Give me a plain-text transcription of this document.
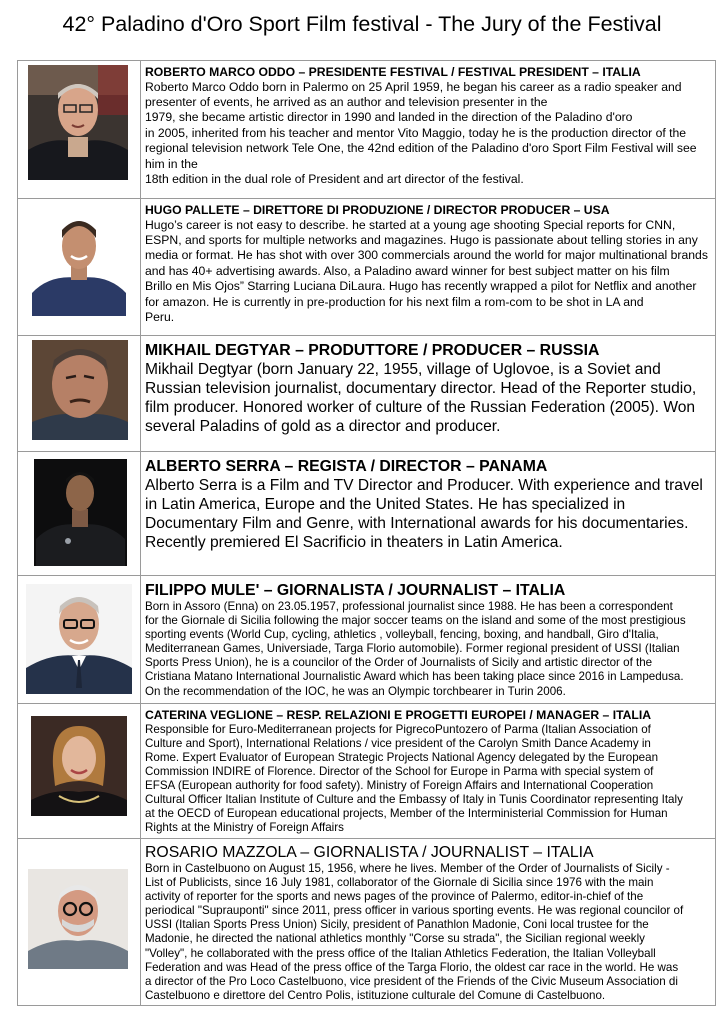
42° Paladino d'Oro Sport Film festival - The Jury of the Festival
ROBERTO MARCO ODDO – PRESIDENTE FESTIVAL / FESTIVAL PRESIDENT – ITALIA
Roberto Marco Oddo born in Palermo on 25 April 1959, he began his career as a radio speaker and
presenter of events, he arrived as an author and television presenter in the
1979, she became artistic director in 1990 and landed in the direction of the Paladino d'oro
in 2005, inherited from his teacher and mentor Vito Maggio, today he is the production director of the
regional television network Tele One, the 42nd edition of the Paladino d'oro Sport Film Festival will see him in the
18th edition in the dual role of President and art director of the festival.
HUGO PALLETE – DIRETTORE DI PRODUZIONE / DIRECTOR PRODUCER – USA
Hugo’s career is not easy to describe. he started at a young age shooting Special reports for CNN,
ESPN, and sports for multiple networks and magazines. Hugo is passionate about telling stories in any
media or format. He has shot with over 300 commercials around the world for major multinational brands
and has 40+ advertising awards. Also, a Paladino award winner for best subject matter on his film
Brillo en Mis Ojos” Starring Luciana DiLaura. Hugo has recently wrapped a pilot for Netflix and another
for amazon. He is currently in pre-production for his next film a rom-com to be shot in LA and
Peru.
MIKHAIL DEGTYAR – PRODUTTORE / PRODUCER – RUSSIA
Mikhail Degtyar (born January 22, 1955, village of Uglovoe, is a Soviet and
Russian television journalist, documentary director. Head of the Reporter studio,
film producer. Honored worker of culture of the Russian Federation (2005). Won
several Paladins of gold as a director and producer.
ALBERTO SERRA – REGISTA / DIRECTOR – PANAMA
Alberto Serra is a Film and TV Director and Producer. With experience and travel
in Latin America, Europe and the United States. He has specialized in
Documentary Film and Genre, with International awards for his documentaries.
Recently premiered El Sacrificio in theaters in Latin America.
FILIPPO MULE' – GIORNALISTA / JOURNALIST – ITALIA
Born in Assoro (Enna) on 23.05.1957, professional journalist since 1988. He has been a correspondent
for the Giornale di Sicilia following the major soccer teams on the island and some of the most prestigious
sporting events (World Cup, cycling, athletics , volleyball, fencing, boxing, and handball, Giro d'Italia,
Mediterranean Games, Universiade, Targa Florio automobile). Former regional president of USSI (Italian
Sports Press Union), he is a councilor of the Order of Journalists of Sicily and artistic director of the
Cristiana Matano International Journalistic Award which has been taking place since 2016 in Lampedusa.
On the recommendation of the IOC, he was an Olympic torchbearer in Turin 2006.
CATERINA VEGLIONE – RESP. RELAZIONI E PROGETTI EUROPEI / MANAGER – ITALIA
Responsible for Euro-Mediterranean projects for PigrecoPuntozero of Parma (Italian Association of
Culture and Sport), International Relations / vice president of the Carolyn Smith Dance Academy in
Rome. Expert Evaluator of European Strategic Projects National Agency delegated by the European
Commission INDIRE of Florence. Director of the School for Europe in Parma with special system of
EFSA (European authority for food safety). Ministry of Foreign Affairs and International Cooperation
Cultural Officer Italian Institute of Culture and the Embassy of Italy in Tunis Coordinator representing Italy
at the OECD of European educational projects, Member of the Interministerial Commission for Human
Rights at the Ministry of Foreign Affairs
ROSARIO MAZZOLA – GIORNALISTA / JOURNALIST – ITALIA
Born in Castelbuono on August 15, 1956, where he lives. Member of the Order of Journalists of Sicily -
List of Publicists, since 16 July 1981, collaborator of the Giornale di Sicilia since 1976 with the main
activity of reporter for the sports and news pages of the province of Palermo, editor-in-chief of the
periodical "Suprauponti" since 2011, press officer in various sporting events. He was regional councilor of
USSI (Italian Sports Press Union) Sicily, president of Panathlon Madonie, Coni local trustee for the
Madonie, he directed the national athletics monthly "Corse su strada", the Sicilian regional weekly
"Volley", he collaborated with the press office of the Italian Athletics Federation, the Italian Volleyball
Federation and was Head of the press office of the Targa Florio, the oldest car race in the world. He was
a director of the Pro Loco Castelbuono, vice president of the Friends of the Civic Museum Association di
Castelbuono e direttore del Centro Polis, istituzione culturale del Comune di Castelbuono.
